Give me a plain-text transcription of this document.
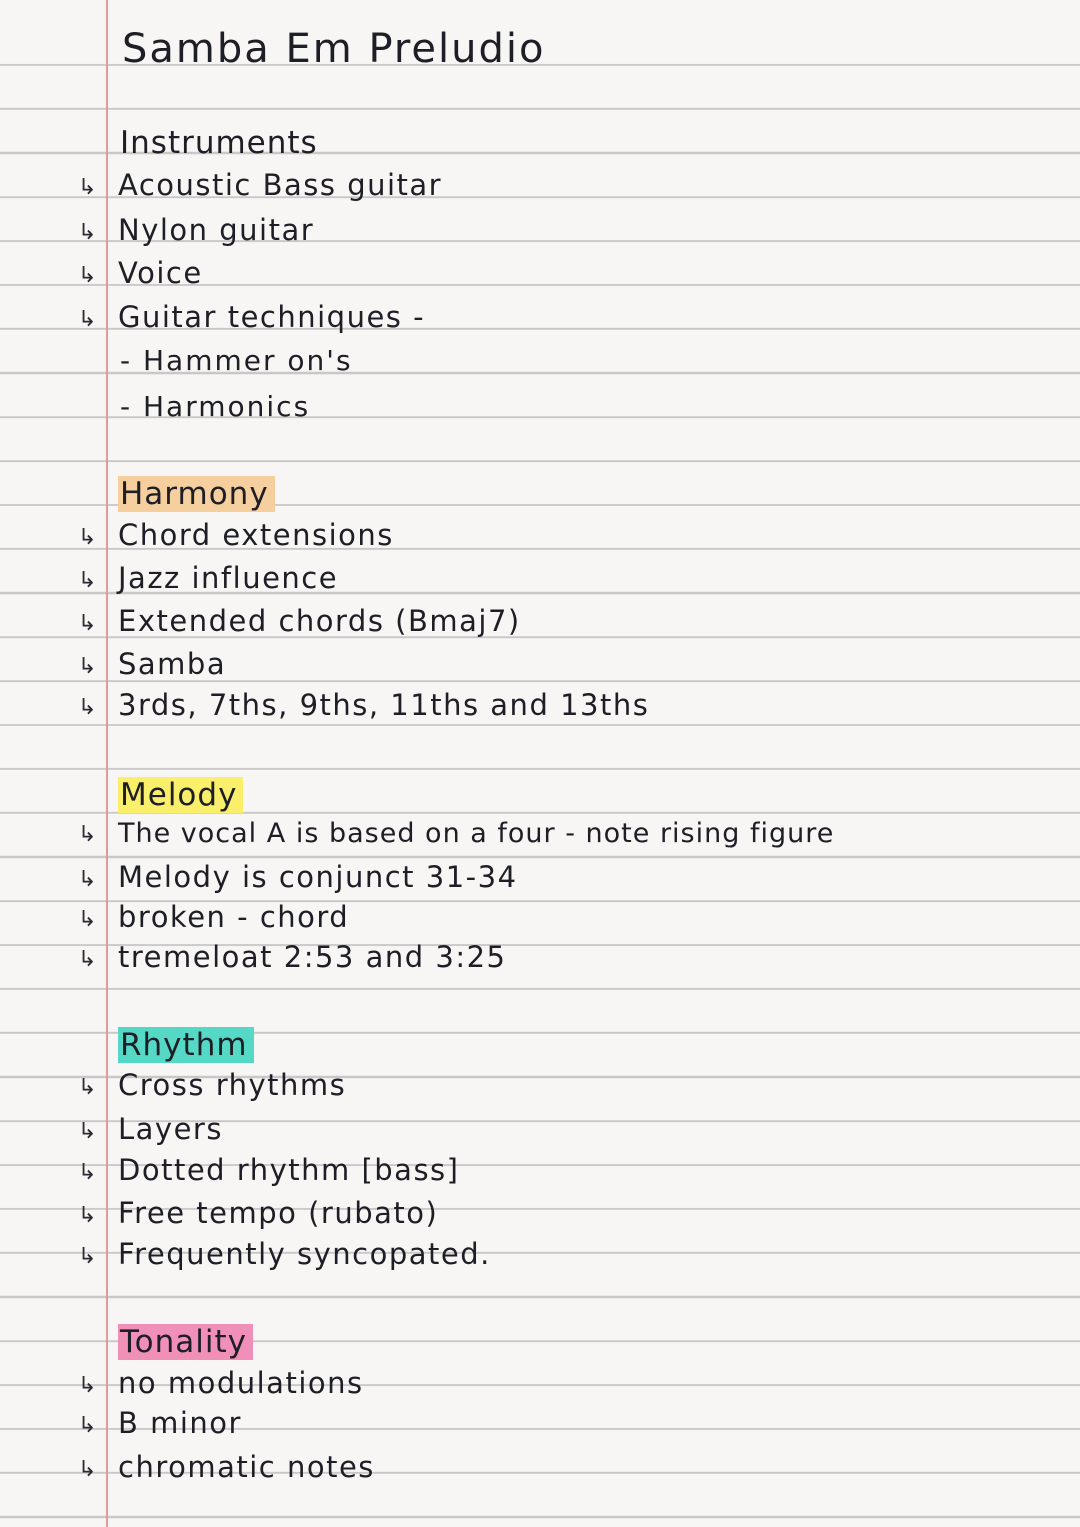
Samba Em Preludio
Instruments
↳Acoustic Bass guitar
↳Nylon guitar
↳Voice
↳Guitar techniques -
- Hammer on's
- Harmonics
Harmony
↳Chord extensions
↳Jazz influence
↳Extended chords (Bmaj7)
↳Samba
↳3rds, 7ths, 9ths, 11ths and 13ths
Melody
↳The vocal A is based on a four - note rising figure
↳Melody is conjunct 31-34
↳broken - chord
↳tremeloat 2:53 and 3:25
Rhythm
↳Cross rhythms
↳Layers
↳Dotted rhythm [bass]
↳Free tempo (rubato)
↳Frequently syncopated.
Tonality
↳no modulations
↳B minor
↳chromatic notes
